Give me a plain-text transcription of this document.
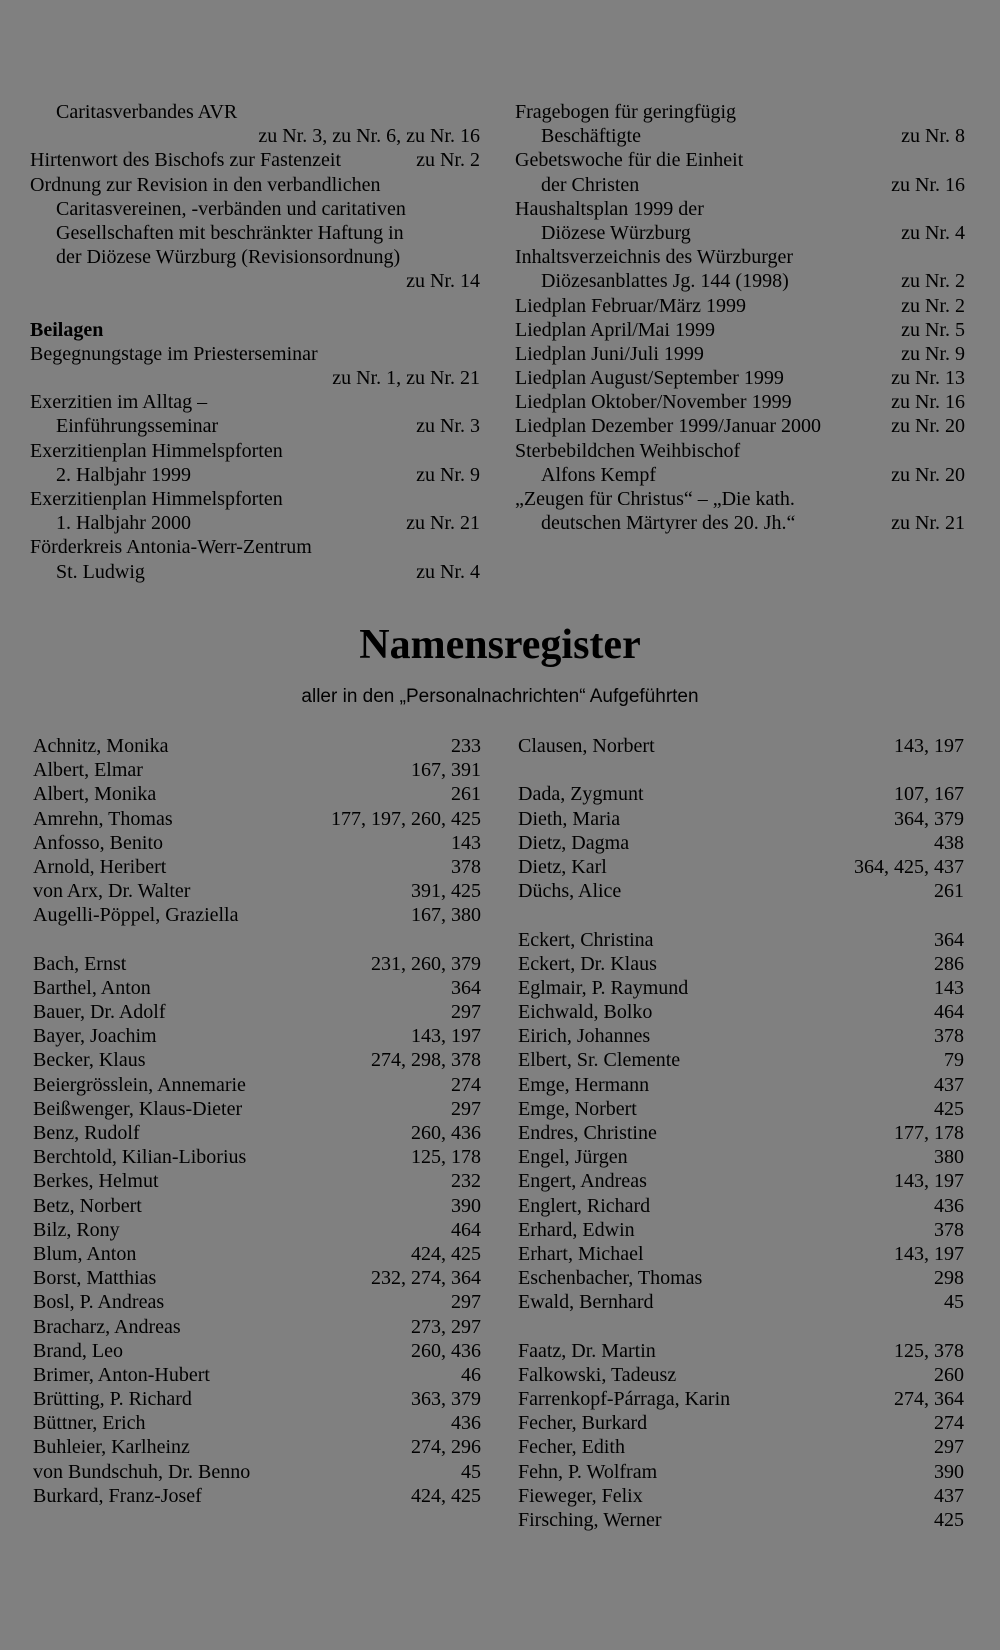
Caritasverbandes AVR
zu Nr. 3, zu Nr. 6, zu Nr. 16
Hirtenwort des Bischofs zur Fastenzeit	zu Nr. 2
Ordnung zur Revision in den verbandlichen
Caritasvereinen, -verbänden und caritativen
Gesellschaften mit beschränkter Haftung in
der Diözese Würzburg (Revisionsordnung)
zu Nr. 14
Beilagen
Begegnungstage im Priesterseminar
zu Nr. 1, zu Nr. 21
Exerzitien im Alltag –
Einführungsseminar	zu Nr. 3
Exerzitienplan Himmelspforten
2. Halbjahr 1999	zu Nr. 9
Exerzitienplan Himmelspforten
1. Halbjahr 2000	zu Nr. 21
Förderkreis Antonia-Werr-Zentrum
St. Ludwig	zu Nr. 4
Fragebogen für geringfügig
Beschäftigte	zu Nr. 8
Gebetswoche für die Einheit
der Christen	zu Nr. 16
Haushaltsplan 1999 der
Diözese Würzburg	zu Nr. 4
Inhaltsverzeichnis des Würzburger
Diözesanblattes Jg. 144 (1998)	zu Nr. 2
Liedplan Februar/März 1999	zu Nr. 2
Liedplan April/Mai 1999	zu Nr. 5
Liedplan Juni/Juli 1999	zu Nr. 9
Liedplan August/September 1999	zu Nr. 13
Liedplan Oktober/November 1999	zu Nr. 16
Liedplan Dezember 1999/Januar 2000	zu Nr. 20
Sterbebildchen Weihbischof
Alfons Kempf	zu Nr. 20
„Zeugen für Christus“ – „Die kath.
deutschen Märtyrer des 20. Jh.“	zu Nr. 21
Namensregister
aller in den „Personalnachrichten“ Aufgeführten
Achnitz, Monika	233
Albert, Elmar	167, 391
Albert, Monika	261
Amrehn, Thomas	177, 197, 260, 425
Anfosso, Benito	143
Arnold, Heribert	378
von Arx, Dr. Walter	391, 425
Augelli-Pöppel, Graziella	167, 380
Bach, Ernst	231, 260, 379
Barthel, Anton	364
Bauer, Dr. Adolf	297
Bayer, Joachim	143, 197
Becker, Klaus	274, 298, 378
Beiergrösslein, Annemarie	274
Beißwenger, Klaus-Dieter	297
Benz, Rudolf	260, 436
Berchtold, Kilian-Liborius	125, 178
Berkes, Helmut	232
Betz, Norbert	390
Bilz, Rony	464
Blum, Anton	424, 425
Borst, Matthias	232, 274, 364
Bosl, P. Andreas	297
Bracharz, Andreas	273, 297
Brand, Leo	260, 436
Brimer, Anton-Hubert	46
Brütting, P. Richard	363, 379
Büttner, Erich	436
Buhleier, Karlheinz	274, 296
von Bundschuh, Dr. Benno	45
Burkard, Franz-Josef	424, 425
Clausen, Norbert	143, 197
Dada, Zygmunt	107, 167
Dieth, Maria	364, 379
Dietz, Dagma	438
Dietz, Karl	364, 425, 437
Düchs, Alice	261
Eckert, Christina	364
Eckert, Dr. Klaus	286
Eglmair, P. Raymund	143
Eichwald, Bolko	464
Eirich, Johannes	378
Elbert, Sr. Clemente	79
Emge, Hermann	437
Emge, Norbert	425
Endres, Christine	177, 178
Engel, Jürgen	380
Engert, Andreas	143, 197
Englert, Richard	436
Erhard, Edwin	378
Erhart, Michael	143, 197
Eschenbacher, Thomas	298
Ewald, Bernhard	45
Faatz, Dr. Martin	125, 378
Falkowski, Tadeusz	260
Farrenkopf-Párraga, Karin	274, 364
Fecher, Burkard	274
Fecher, Edith	297
Fehn, P. Wolfram	390
Fieweger, Felix	437
Firsching, Werner	425
